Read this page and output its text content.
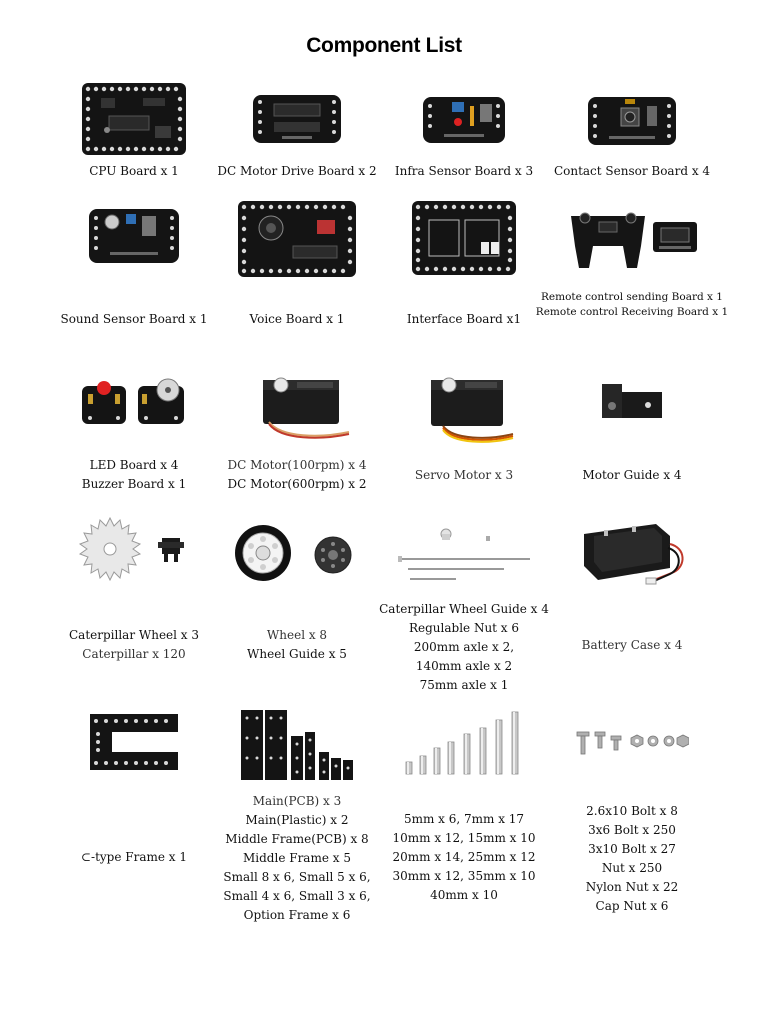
Component List
CPU Board x 1	DC Motor Drive Board x 2	Infra Sensor Board x 3	Contact Sensor Board x 4
Sound Sensor Board x 1	Voice Board x 1	Interface Board x1
Remote control sending Board x 1
Remote control Receiving Board x 1
LED Board x 4
Buzzer Board x 1
DC Motor(100rpm) x 4
DC Motor(600rpm) x 2
Servo Motor x 3	Motor Guide x 4
Caterpillar Wheel x 3
Caterpillar x 120
Wheel x 8
Wheel Guide x 5
Caterpillar Wheel Guide x 4
Regulable Nut x 6
200mm axle x 2,
140mm axle x 2
75mm axle x 1
Battery Case x 4
⊂-type Frame x 1
Main(PCB) x 3
Main(Plastic) x 2
Middle Frame(PCB) x 8
Middle Frame x 5
Small 8 x 6, Small 5 x 6,
Small 4 x 6, Small 3 x 6,
Option Frame x 6
5mm x 6, 7mm x 17
10mm x 12, 15mm x 10
20mm x 14, 25mm x 12
30mm x 12, 35mm x 10
40mm x 10
2.6x10 Bolt x 8
3x6 Bolt x 250
3x10 Bolt x 27
Nut x 250
Nylon Nut x 22
Cap Nut x 6
